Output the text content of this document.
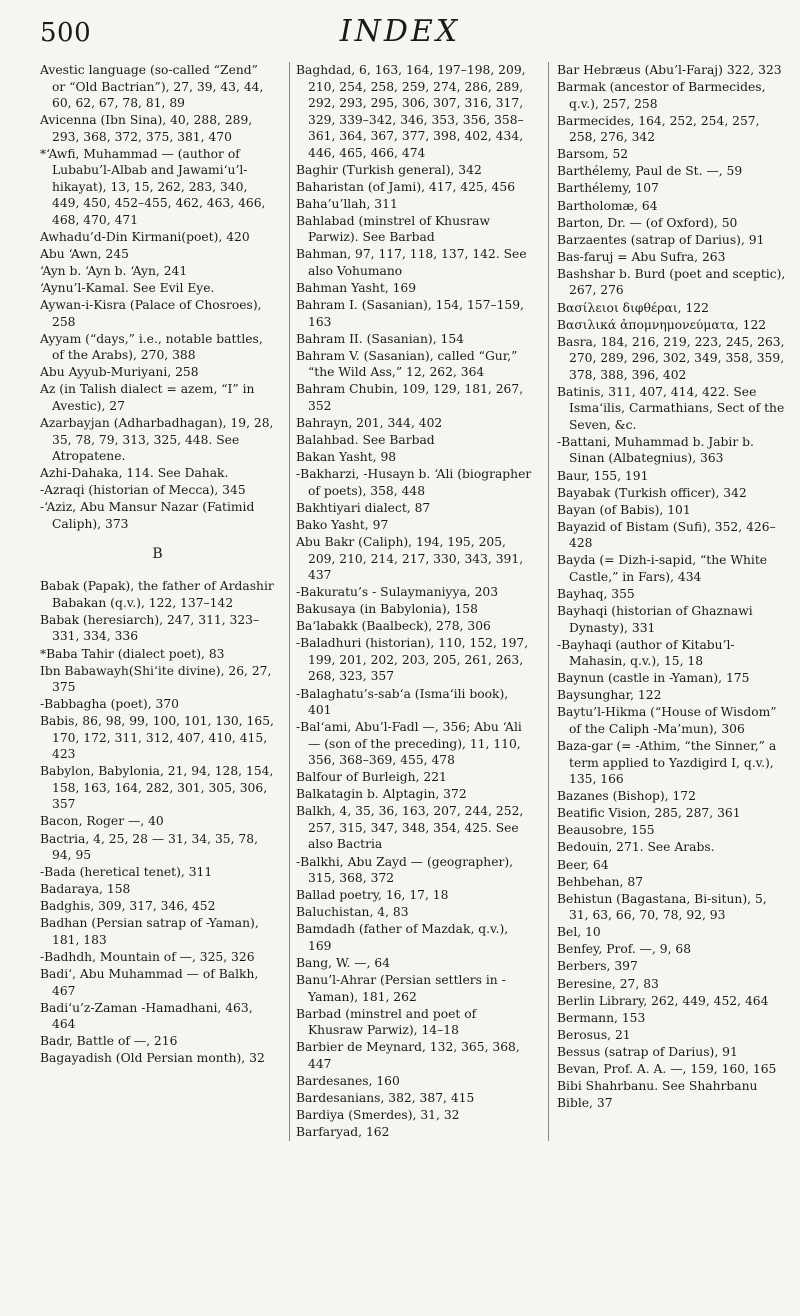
500	INDEX

Avestic language (so-called “Zend” or “Old Bactrian”), 27, 39, 43, 44, 60, 62, 67, 78, 81, 89

Avicenna (Ibn Sina), 40, 288, 289, 293, 368, 372, 375, 381, 470

*‘Awfi, Muhammad — (author of Lubabu’l-Albab and Jawami‘u’l-hikayat), 13, 15, 262, 283, 340, 449, 450, 452–455, 462, 463, 466, 468, 470, 471

Awhadu’d-Din Kirmani(poet), 420

Abu ‘Awn, 245

‘Ayn b. ‘Ayn b. ‘Ayn, 241

‘Aynu’l-Kamal. See Evil Eye.

Aywan-i-Kisra (Palace of Chosroes), 258

Ayyam (“days,” i.e., notable battles, of the Arabs), 270, 388

Abu Ayyub-Muriyani, 258

Az (in Talish dialect = azem, “I” in Avestic), 27

Azarbayjan (Adharbadhagan), 19, 28, 35, 78, 79, 313, 325, 448. See Atropatene.

Azhi-Dahaka, 114. See Dahak.

-Azraqi (historian of Mecca), 345

-‘Aziz, Abu Mansur Nazar (Fatimid Caliph), 373

B

Babak (Papak), the father of Ardashir Babakan (q.v.), 122, 137–142

Babak (heresiarch), 247, 311, 323–331, 334, 336

*Baba Tahir (dialect poet), 83

Ibn Babawayh(Shi‘ite divine), 26, 27, 375

-Babbagha (poet), 370

Babis, 86, 98, 99, 100, 101, 130, 165, 170, 172, 311, 312, 407, 410, 415, 423

Babylon, Babylonia, 21, 94, 128, 154, 158, 163, 164, 282, 301, 305, 306, 357

Bacon, Roger —, 40

Bactria, 4, 25, 28 — 31, 34, 35, 78, 94, 95

-Bada (heretical tenet), 311

Badaraya, 158

Badghis, 309, 317, 346, 452

Badhan (Persian satrap of -Yaman), 181, 183

-Badhdh, Mountain of —, 325, 326

Badi‘, Abu Muhammad — of Balkh, 467

Badi‘u’z-Zaman -Hamadhani, 463, 464

Badr, Battle of —, 216

Bagayadish (Old Persian month), 32

Baghdad, 6, 163, 164, 197–198, 209, 210, 254, 258, 259, 274, 286, 289, 292, 293, 295, 306, 307, 316, 317, 329, 339–342, 346, 353, 356, 358–361, 364, 367, 377, 398, 402, 434, 446, 465, 466, 474

Baghir (Turkish general), 342

Baharistan (of Jami), 417, 425, 456

Baha’u’llah, 311

Bahlabad (minstrel of Khusraw Parwiz). See Barbad

Bahman, 97, 117, 118, 137, 142. See also Vohumano

Bahman Yasht, 169

Bahram I. (Sasanian), 154, 157–159, 163

Bahram II. (Sasanian), 154

Bahram V. (Sasanian), called “Gur,” “the Wild Ass,” 12, 262, 364

Bahram Chubin, 109, 129, 181, 267, 352

Bahrayn, 201, 344, 402

Balahbad. See Barbad

Bakan Yasht, 98

-Bakharzi, -Husayn b. ‘Ali (biographer of poets), 358, 448

Bakhtiyari dialect, 87

Bako Yasht, 97

Abu Bakr (Caliph), 194, 195, 205, 209, 210, 214, 217, 330, 343, 391, 437

-Bakuratu’s - Sulaymaniyya, 203

Bakusaya (in Babylonia), 158

Ba‘labakk (Baalbeck), 278, 306

-Baladhuri (historian), 110, 152, 197, 199, 201, 202, 203, 205, 261, 263, 268, 323, 357

-Balaghatu’s-sab‘a (Isma‘ili book), 401

-Bal‘ami, Abu’l-Fadl —, 356; Abu ‘Ali — (son of the preceding), 11, 110, 356, 368–369, 455, 478

Balfour of Burleigh, 221

Balkatagin b. Alptagin, 372

Balkh, 4, 35, 36, 163, 207, 244, 252, 257, 315, 347, 348, 354, 425. See also Bactria

-Balkhi, Abu Zayd — (geographer), 315, 368, 372

Ballad poetry, 16, 17, 18

Baluchistan, 4, 83

Bamdadh (father of Mazdak, q.v.), 169

Bang, W. —, 64

Banu’l-Ahrar (Persian settlers in -Yaman), 181, 262

Barbad (minstrel and poet of Khusraw Parwiz), 14–18

Barbier de Meynard, 132, 365, 368, 447

Bardesanes, 160

Bardesanians, 382, 387, 415

Bardiya (Smerdes), 31, 32

Barfaryad, 162

Bar Hebræus (Abu’l-Faraj) 322, 323

Barmak (ancestor of Barmecides, q.v.), 257, 258

Barmecides, 164, 252, 254, 257, 258, 276, 342

Barsom, 52

Barthélemy, Paul de St. —, 59

Barthélemy, 107

Bartholomæ, 64

Barton, Dr. — (of Oxford), 50

Barzaentes (satrap of Darius), 91

Bas-faruj = Abu Sufra, 263

Bashshar b. Burd (poet and sceptic), 267, 276

Βασίλειοι διφθέραι, 122

Βασιλικά ἀπομνημονεύματα, 122

Basra, 184, 216, 219, 223, 245, 263, 270, 289, 296, 302, 349, 358, 359, 378, 388, 396, 402

Batinis, 311, 407, 414, 422. See Isma‘ilis, Carmathians, Sect of the Seven, &c.

-Battani, Muhammad b. Jabir b. Sinan (Albategnius), 363

Baur, 155, 191

Bayabak (Turkish officer), 342

Bayan (of Babis), 101

Bayazid of Bistam (Sufi), 352, 426–428

Bayda (= Dizh-i-sapid, “the White Castle,” in Fars), 434

Bayhaq, 355

Bayhaqi (historian of Ghaznawi Dynasty), 331

-Bayhaqi (author of Kitabu’l-Mahasin, q.v.), 15, 18

Baynun (castle in -Yaman), 175

Baysunghar, 122

Baytu’l-Hikma (“House of Wisdom” of the Caliph -Ma’mun), 306

Baza-gar (= -Athim, “the Sinner,” a term applied to Yazdigird I, q.v.), 135, 166

Bazanes (Bishop), 172

Beatific Vision, 285, 287, 361

Beausobre, 155

Bedouin, 271. See Arabs.

Beer, 64

Behbehan, 87

Behistun (Bagastana, Bi-situn), 5, 31, 63, 66, 70, 78, 92, 93

Bel, 10

Benfey, Prof. —, 9, 68

Berbers, 397

Beresine, 27, 83

Berlin Library, 262, 449, 452, 464

Bermann, 153

Berosus, 21

Bessus (satrap of Darius), 91

Bevan, Prof. A. A. —, 159, 160, 165

Bibi Shahrbanu. See Shahrbanu

Bible, 37
